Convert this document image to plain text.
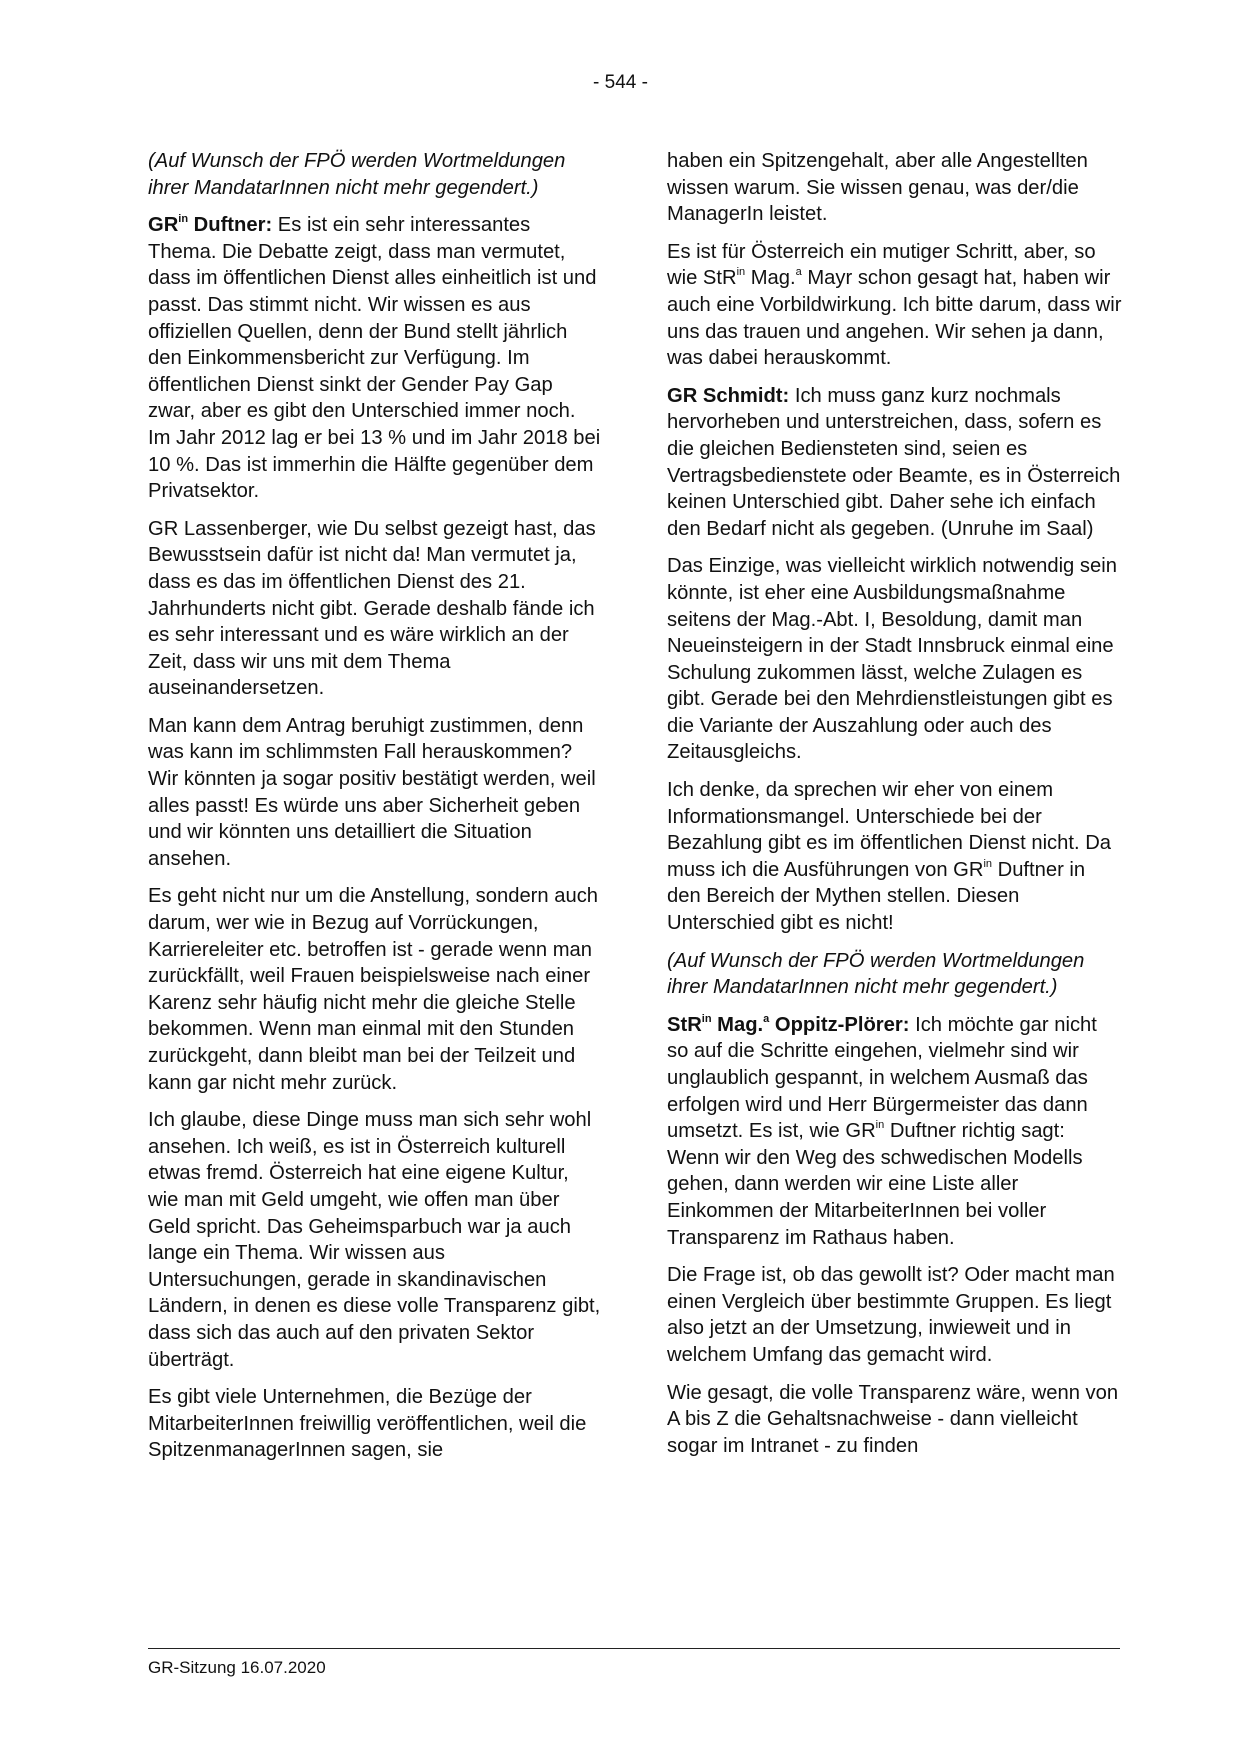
- 544 -

(Auf Wunsch der FPÖ werden Wortmeldungen ihrer MandatarInnen nicht mehr gegendert.)

$GR^{in}$ Duftner: Es ist ein sehr interessantes Thema. Die Debatte zeigt, dass man vermutet, dass im öffentlichen Dienst alles einheitlich ist und passt. Das stimmt nicht. Wir wissen es aus offiziellen Quellen, denn der Bund stellt jährlich den Einkommensbericht zur Verfügung. Im öffentlichen Dienst sinkt der Gender Pay Gap zwar, aber es gibt den Unterschied immer noch. Im Jahr 2012 lag er bei 13 % und im Jahr 2018 bei 10 %. Das ist immerhin die Hälfte gegenüber dem Privatsektor.

GR Lassenberger, wie Du selbst gezeigt hast, das Bewusstsein dafür ist nicht da! Man vermutet ja, dass es das im öffentlichen Dienst des 21. Jahrhunderts nicht gibt. Gerade deshalb fände ich es sehr interessant und es wäre wirklich an der Zeit, dass wir uns mit dem Thema auseinandersetzen.

Man kann dem Antrag beruhigt zustimmen, denn was kann im schlimmsten Fall herauskommen? Wir könnten ja sogar positiv bestätigt werden, weil alles passt! Es würde uns aber Sicherheit geben und wir könnten uns detailliert die Situation ansehen.

Es geht nicht nur um die Anstellung, sondern auch darum, wer wie in Bezug auf Vorrückungen, Karriereleiter etc. betroffen ist - gerade wenn man zurückfällt, weil Frauen beispielsweise nach einer Karenz sehr häufig nicht mehr die gleiche Stelle bekommen. Wenn man einmal mit den Stunden zurückgeht, dann bleibt man bei der Teilzeit und kann gar nicht mehr zurück.

Ich glaube, diese Dinge muss man sich sehr wohl ansehen. Ich weiß, es ist in Österreich kulturell etwas fremd. Österreich hat eine eigene Kultur, wie man mit Geld umgeht, wie offen man über Geld spricht. Das Geheimsparbuch war ja auch lange ein Thema. Wir wissen aus Untersuchungen, gerade in skandinavischen Ländern, in denen es diese volle Transparenz gibt, dass sich das auch auf den privaten Sektor überträgt.

Es gibt viele Unternehmen, die Bezüge der MitarbeiterInnen freiwillig veröffentlichen, weil die SpitzenmanagerInnen sagen, sie

haben ein Spitzengehalt, aber alle Angestellten wissen warum. Sie wissen genau, was der/die ManagerIn leistet.

Es ist für Österreich ein mutiger Schritt, aber, so wie StR$^{in}$ Mag.$^a$ Mayr schon gesagt hat, haben wir auch eine Vorbildwirkung. Ich bitte darum, dass wir uns das trauen und angehen. Wir sehen ja dann, was dabei herauskommt.

GR Schmidt: Ich muss ganz kurz nochmals hervorheben und unterstreichen, dass, sofern es die gleichen Bediensteten sind, seien es Vertragsbedienstete oder Beamte, es in Österreich keinen Unterschied gibt. Daher sehe ich einfach den Bedarf nicht als gegeben. (Unruhe im Saal)

Das Einzige, was vielleicht wirklich notwendig sein könnte, ist eher eine Ausbildungsmaßnahme seitens der Mag.-Abt. I, Besoldung, damit man Neueinsteigern in der Stadt Innsbruck einmal eine Schulung zukommen lässt, welche Zulagen es gibt. Gerade bei den Mehrdienstleistungen gibt es die Variante der Auszahlung oder auch des Zeitausgleichs.

Ich denke, da sprechen wir eher von einem Informationsmangel. Unterschiede bei der Bezahlung gibt es im öffentlichen Dienst nicht. Da muss ich die Ausführungen von $GR^{in}$ Duftner in den Bereich der Mythen stellen. Diesen Unterschied gibt es nicht!

(Auf Wunsch der FPÖ werden Wortmeldungen ihrer MandatarInnen nicht mehr gegendert.)

StR$^{in}$ Mag.$^a$ Oppitz-Plörer: Ich möchte gar nicht so auf die Schritte eingehen, vielmehr sind wir unglaublich gespannt, in welchem Ausmaß das erfolgen wird und Herr Bürgermeister das dann umsetzt. Es ist, wie $GR^{in}$ Duftner richtig sagt: Wenn wir den Weg des schwedischen Modells gehen, dann werden wir eine Liste aller Einkommen der MitarbeiterInnen bei voller Transparenz im Rathaus haben.

Die Frage ist, ob das gewollt ist? Oder macht man einen Vergleich über bestimmte Gruppen. Es liegt also jetzt an der Umsetzung, inwieweit und in welchem Umfang das gemacht wird.

Wie gesagt, die volle Transparenz wäre, wenn von A bis Z die Gehaltsnachweise - dann vielleicht sogar im Intranet - zu finden

GR-Sitzung 16.07.2020
